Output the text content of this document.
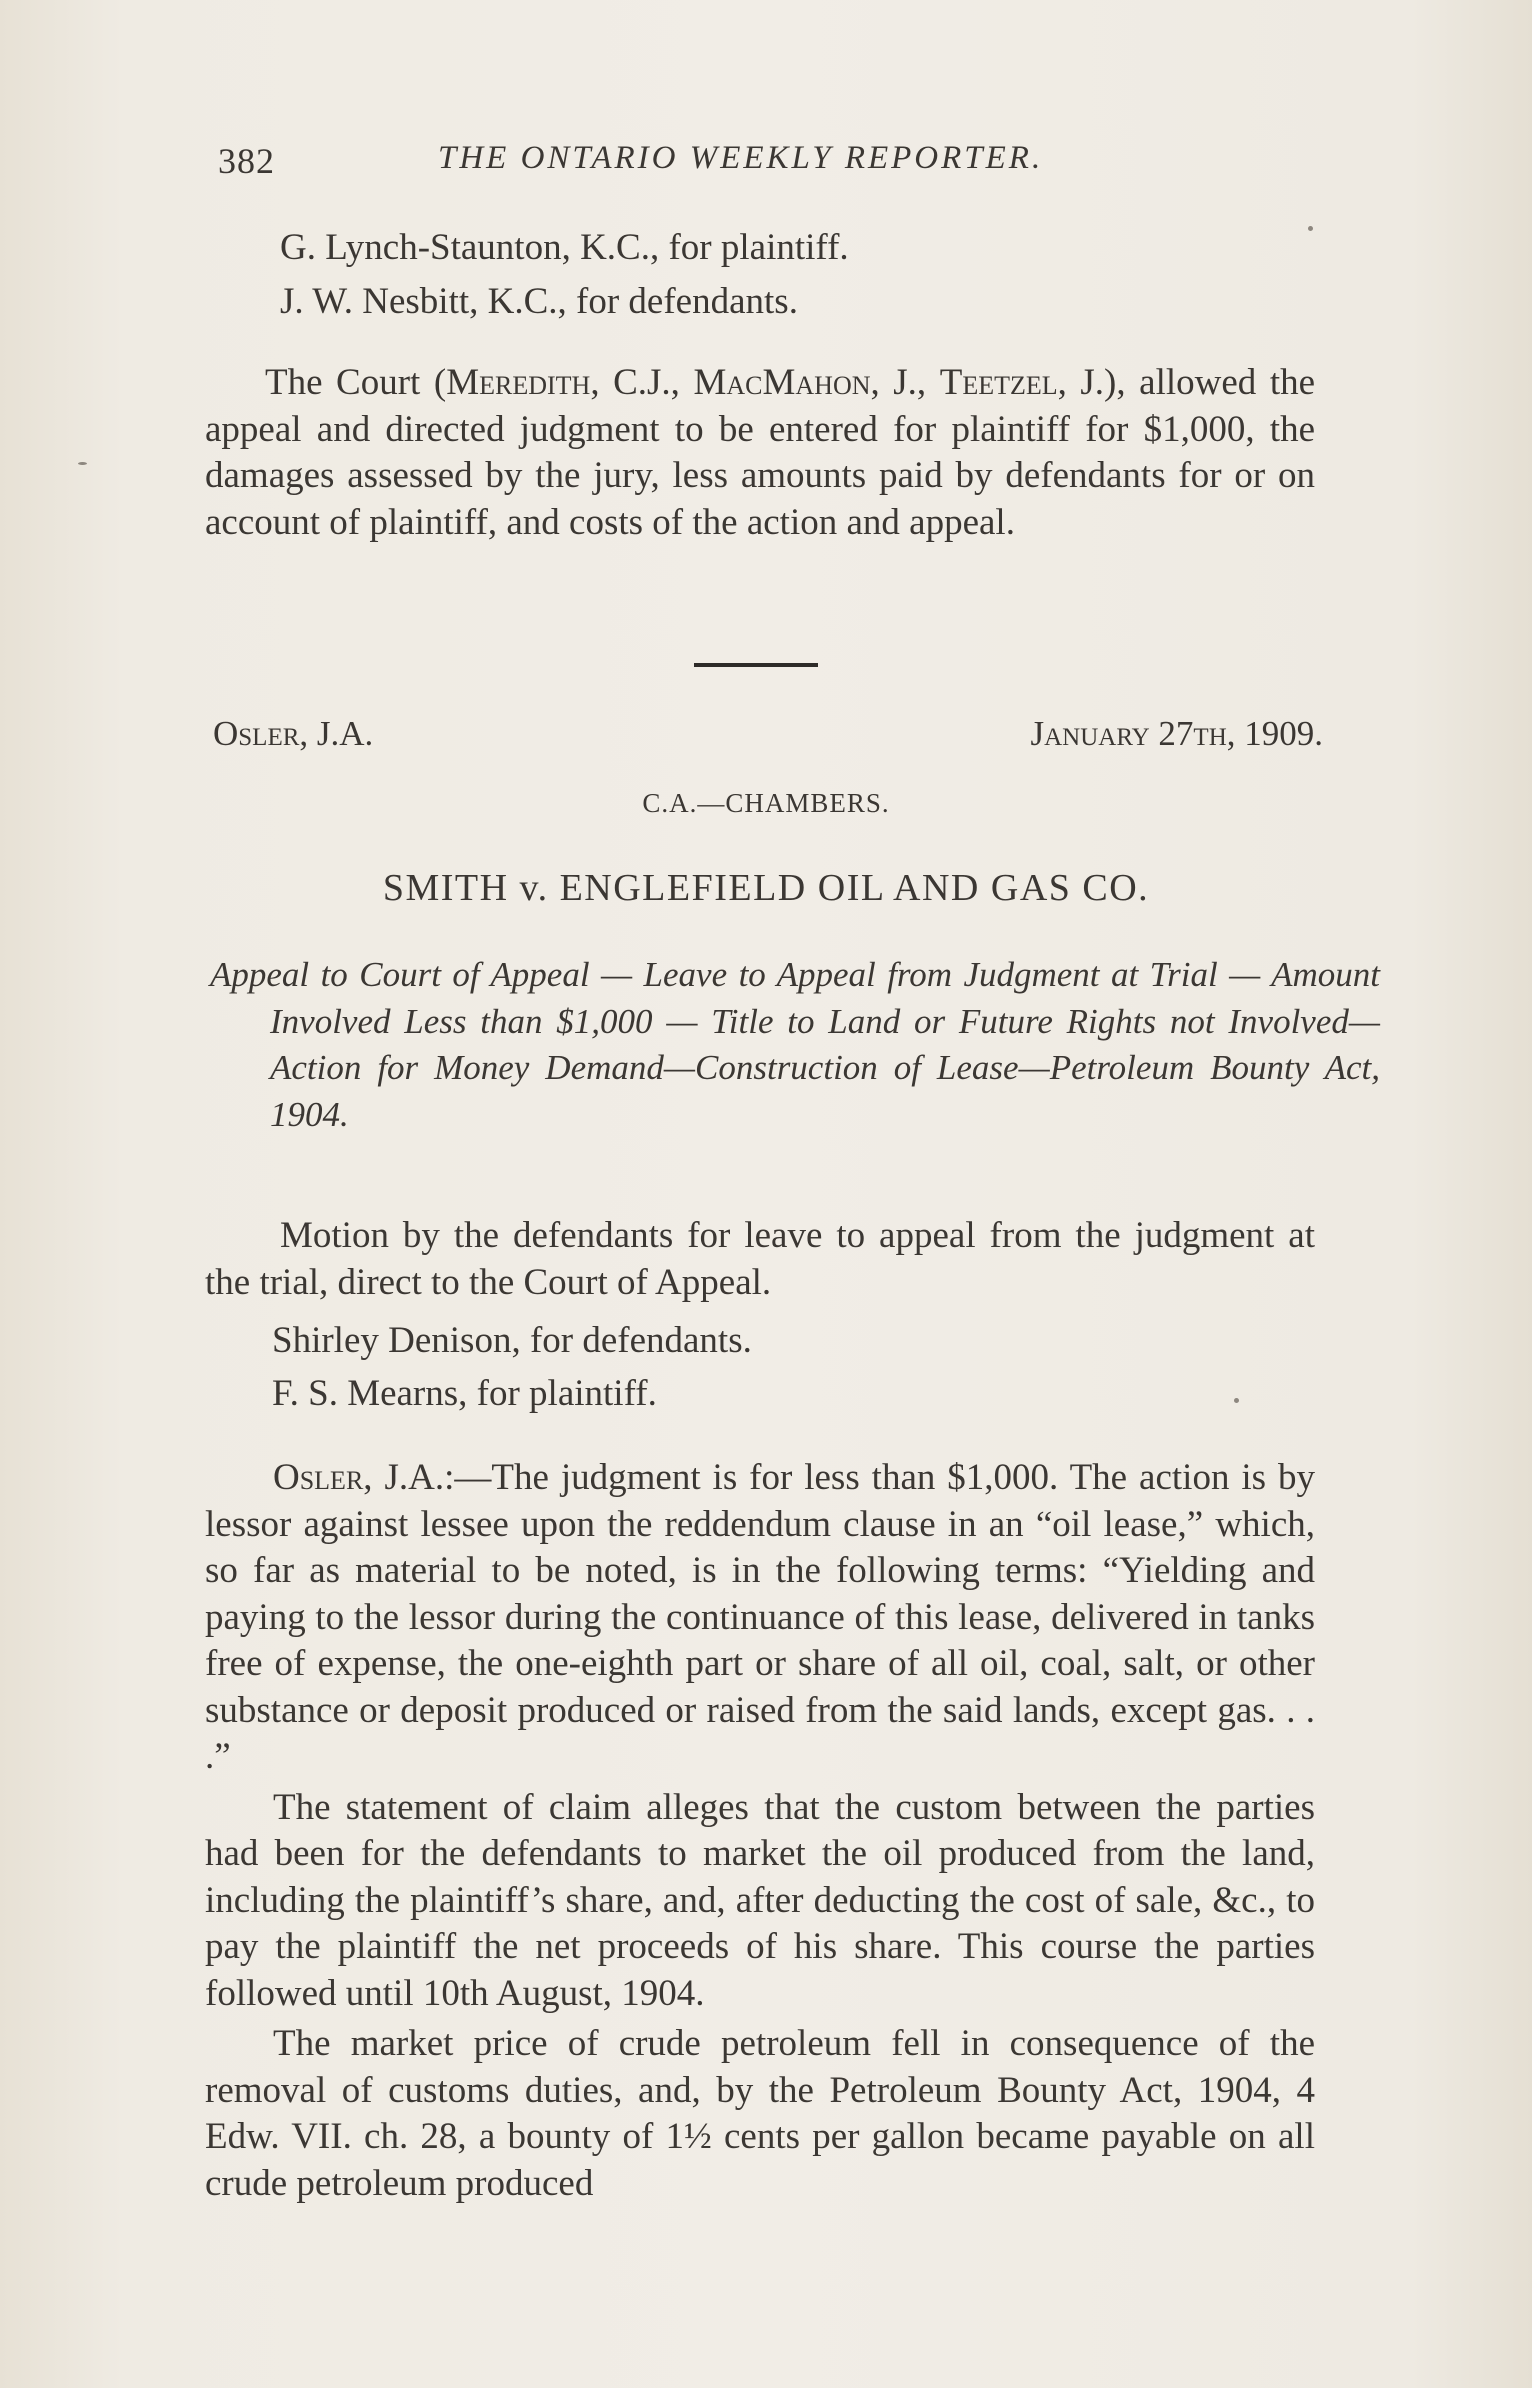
382	THE ONTARIO WEEKLY REPORTER.
G. Lynch-Staunton, K.C., for plaintiff.
J. W. Nesbitt, K.C., for defendants.
The Court (Meredith, C.J., MacMahon, J., Teetzel, J.), allowed the appeal and directed judgment to be entered for plaintiff for $1,000, the damages assessed by the jury, less amounts paid by defendants for or on account of plaintiff, and costs of the action and appeal.
Osler, J.A.	January 27th, 1909.
C.A.—CHAMBERS.
SMITH v. ENGLEFIELD OIL AND GAS CO.
Appeal to Court of Appeal — Leave to Appeal from Judgment at Trial — Amount Involved Less than $1,000 — Title to Land or Future Rights not Involved—Action for Money Demand—Construction of Lease—Petroleum Bounty Act, 1904.
Motion by the defendants for leave to appeal from the judgment at the trial, direct to the Court of Appeal.
Shirley Denison, for defendants.
F. S. Mearns, for plaintiff.

Osler, J.A.:—The judgment is for less than $1,000. The action is by lessor against lessee upon the reddendum clause in an “oil lease,” which, so far as material to be noted, is in the following terms: “Yielding and paying to the lessor during the continuance of this lease, delivered in tanks free of expense, the one-eighth part or share of all oil, coal, salt, or other substance or deposit produced or raised from the said lands, except gas. . . .”

The statement of claim alleges that the custom between the parties had been for the defendants to market the oil produced from the land, including the plaintiff’s share, and, after deducting the cost of sale, &c., to pay the plaintiff the net proceeds of his share. This course the parties followed until 10th August, 1904.

The market price of crude petroleum fell in consequence of the removal of customs duties, and, by the Petroleum Bounty Act, 1904, 4 Edw. VII. ch. 28, a bounty of 1½ cents per gallon became payable on all crude petroleum produced
